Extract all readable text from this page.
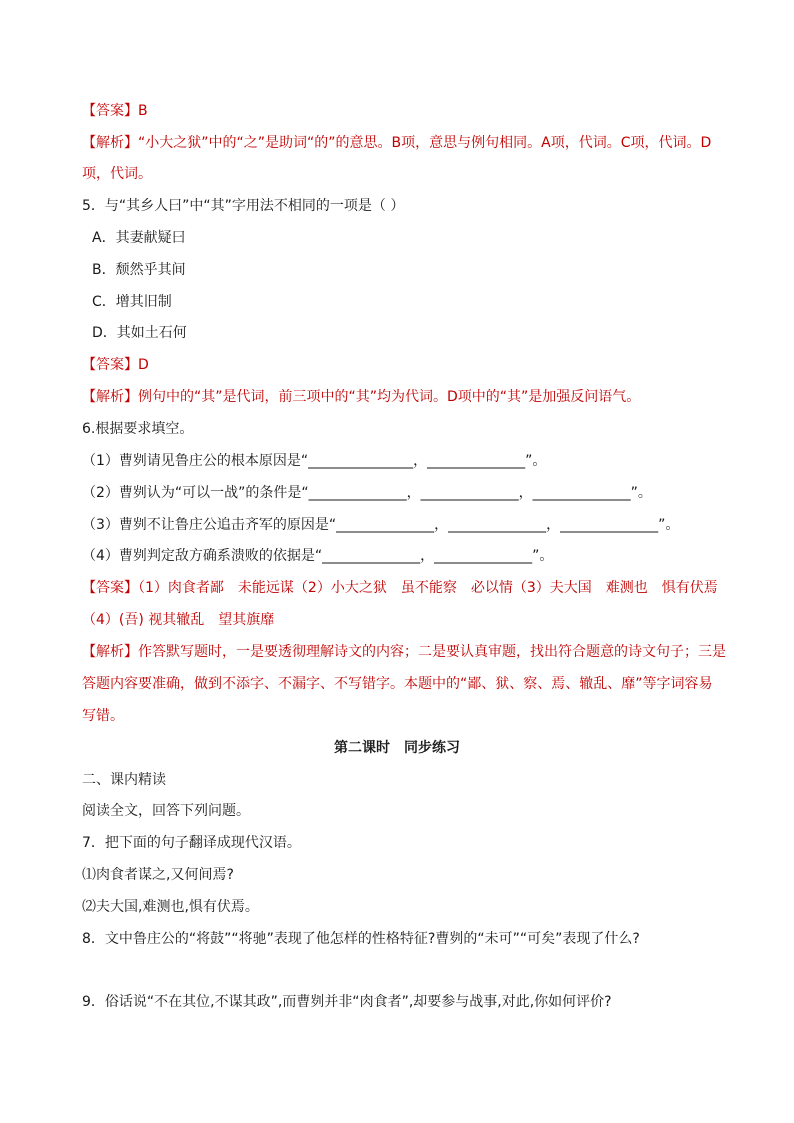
【答案】B
【解析】“小大之狱”中的“之”是助词“的”的意思。B项，意思与例句相同。A项，代词。C项，代词。D
项，代词。
5．与“其乡人曰”中“其”字用法不相同的一项是（ ）
A．其妻献疑曰
B．颓然乎其间
C．增其旧制
D．其如土石何
【答案】D
【解析】例句中的“其”是代词，前三项中的“其”均为代词。D项中的“其”是加强反问语气。
6.根据要求填空。
（1）曹刿请见鲁庄公的根本原因是“_______________，______________”。
（2）曹刿认为“可以一战”的条件是“______________，______________，______________”。
（3）曹刿不让鲁庄公追击齐军的原因是“______________，______________，______________”。
（4）曹刿判定敌方确系溃败的依据是“______________，______________”。
【答案】（1）肉食者鄙　未能远谋（2）小大之狱　虽不能察　必以情（3）夫大国　难测也　惧有伏焉
（4）(吾) 视其辙乱　望其旗靡
【解析】作答默写题时，一是要透彻理解诗文的内容；二是要认真审题，找出符合题意的诗文句子；三是
答题内容要准确，做到不添字、不漏字、不写错字。本题中的“鄙、狱、察、焉、辙乱、靡”等字词容易
写错。
第二课时　同步练习
二、课内精读
阅读全文，回答下列问题。
7．把下面的句子翻译成现代汉语。
⑴肉食者谋之,又何间焉?
⑵夫大国,难测也,惧有伏焉。
8．文中鲁庄公的“将鼓”“将驰”表现了他怎样的性格特征?曹刿的“未可”“可矣”表现了什么?
9．俗话说“不在其位,不谋其政”,而曹刿并非“肉食者”,却要参与战事,对此,你如何评价?
